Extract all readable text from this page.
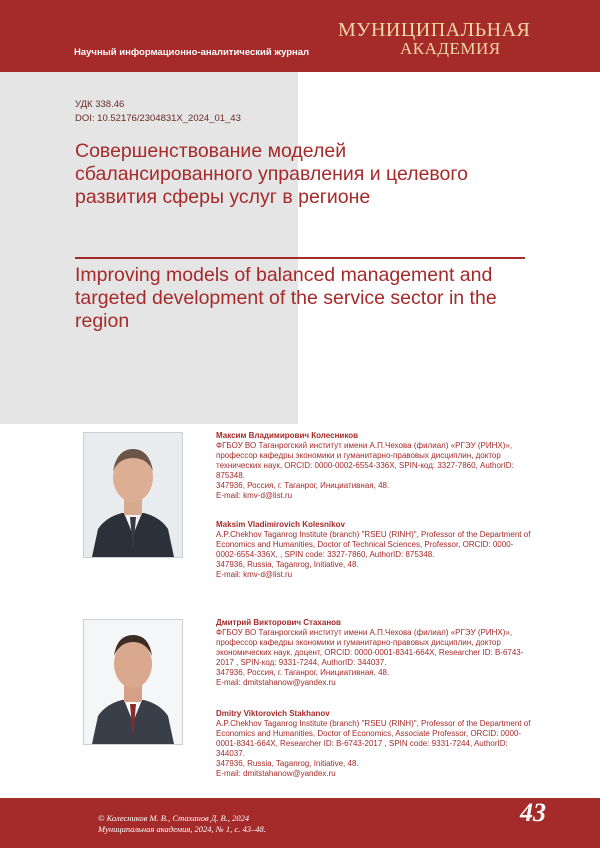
Научный информационно-аналитический журнал
МУНИЦИПАЛЬНАЯ
АКАДЕМИЯ
УДК 338.46
DOI: 10.52176/2304831X_2024_01_43
Совершенствование моделей сбалансированного управления и целевого развития сферы услуг в регионе
Improving models of balanced management and targeted development of the service sector in the region
Максим Владимирович Колесников
ФГБОУ ВО Таганрогский институт имени А.П.Чехова (филиал) «РГЭУ (РИНХ)», профессор кафедры экономики и гуманитарно-правовых дисциплин, доктор технических наук, ORCID: 0000-0002-6554-336X, SPIN-код: 3327-7860, AuthorID: 875348.
347936, Россия, г. Таганрог, Инициативная, 48.
E-mail: kmv-d@list.ru
Maksim Vladimirovich Kolesnikov
A.P.Chekhov Taganrog Institute (branch) "RSEU (RINH)", Professor of the Department of Economics and Humanities, Doctor of Technical Sciences, Professor, ORCID: 0000-0002-6554-336X, , SPIN code: 3327-7860, AuthorID: 875348.
347936, Russia, Taganrog, Initiative, 48.
E-mail: kmv-d@list.ru
Дмитрий Викторович Стаханов
ФГБОУ ВО Таганрогский институт имени А.П.Чехова (филиал) «РГЭУ (РИНХ)», профессор кафедры экономики и гуманитарно-правовых дисциплин, доктор экономических наук, доцент, ORCID: 0000-0001-8341-664X, Researcher ID: B-6743-2017 , SPIN-код: 9331-7244, AuthorID: 344037.
347936, Россия, г. Таганрог, Инициативная, 48.
E-mail: dmitstahanow@yandex.ru
Dmitry Viktorovich Stakhanov
A.P.Chekhov Taganrog Institute (branch) "RSEU (RINH)", Professor of the Department of Economics and Humanities, Doctor of Economics, Associate Professor, ORCID: 0000-0001-8341-664X, Researcher ID: B-6743-2017 , SPIN code: 9331-7244, AuthorID: 344037.
347936, Russia, Taganrog, Initiative, 48.
E-mail: dmitstahanow@yandex.ru
43
© Колесников М. В., Стаханов Д. В., 2024
Муниципальная академия, 2024, № 1, с. 43–48.
